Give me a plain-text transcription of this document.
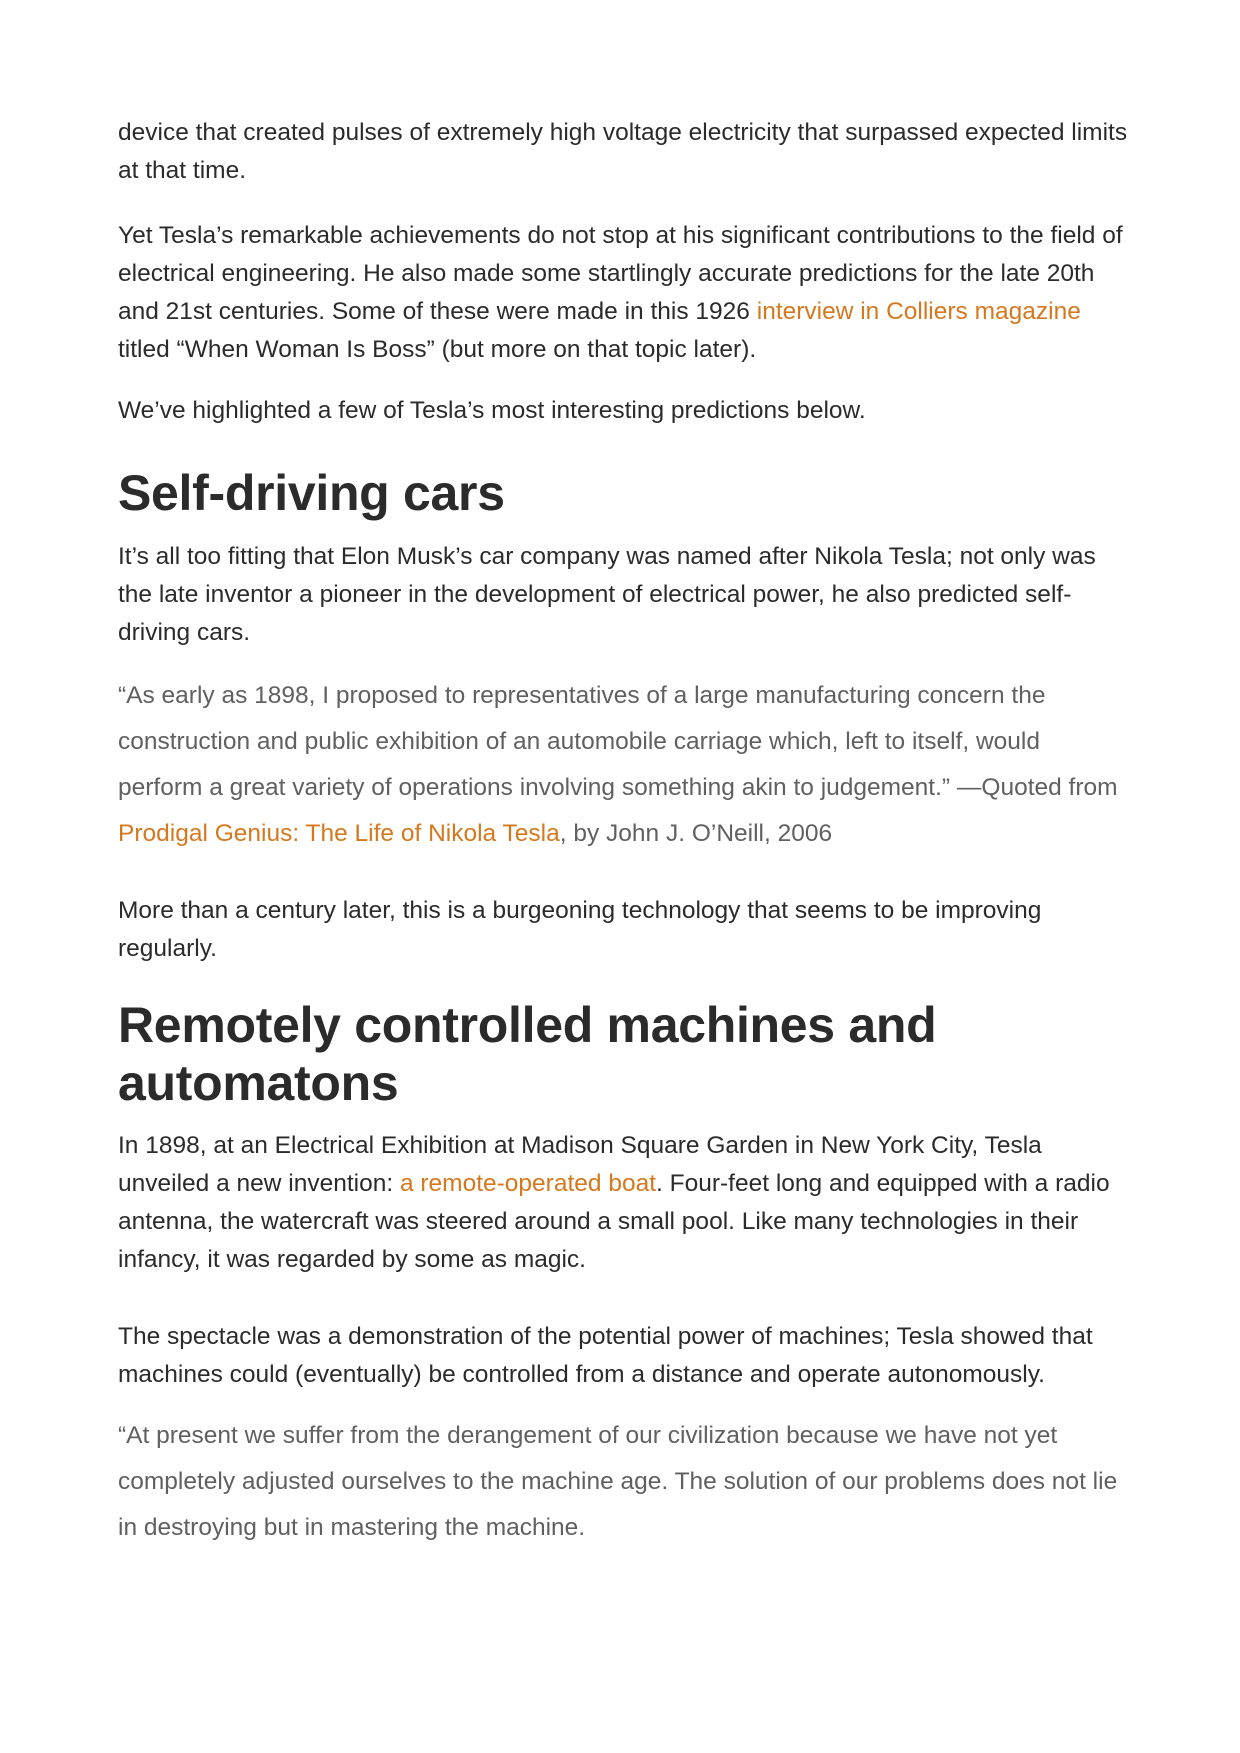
device that created pulses of extremely high voltage electricity that surpassed expected limits at that time.

Yet Tesla’s remarkable achievements do not stop at his significant contributions to the field of electrical engineering. He also made some startlingly accurate predictions for the late 20th and 21st centuries. Some of these were made in this 1926 interview in Colliers magazine titled “When Woman Is Boss” (but more on that topic later).

We’ve highlighted a few of Tesla’s most interesting predictions below.

Self-driving cars

It’s all too fitting that Elon Musk’s car company was named after Nikola Tesla; not only was the late inventor a pioneer in the development of electrical power, he also predicted self-driving cars.

“As early as 1898, I proposed to representatives of a large manufacturing concern the construction and public exhibition of an automobile carriage which, left to itself, would perform a great variety of operations involving something akin to judgement.” —Quoted from Prodigal Genius: The Life of Nikola Tesla, by John J. O’Neill, 2006

More than a century later, this is a burgeoning technology that seems to be improving regularly.

Remotely controlled machines and automatons

In 1898, at an Electrical Exhibition at Madison Square Garden in New York City, Tesla unveiled a new invention: a remote-operated boat. Four-feet long and equipped with a radio antenna, the watercraft was steered around a small pool. Like many technologies in their infancy, it was regarded by some as magic.

The spectacle was a demonstration of the potential power of machines; Tesla showed that machines could (eventually) be controlled from a distance and operate autonomously.

“At present we suffer from the derangement of our civilization because we have not yet completely adjusted ourselves to the machine age. The solution of our problems does not lie in destroying but in mastering the machine.
